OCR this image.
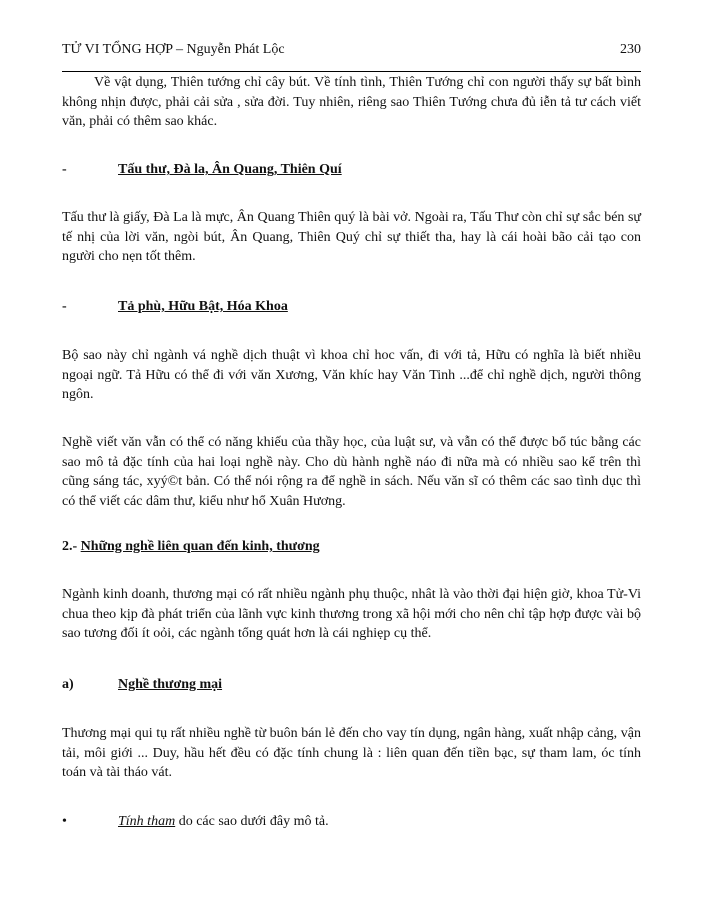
TỬ VI TỔNG HỢP – Nguyễn Phát Lộc	230
Về vật dụng, Thiên tướng chỉ cây bút. Về tính tình, Thiên Tướng chỉ con người thấy sự bất bình không nhịn được, phải cải sửa , sửa đời. Tuy nhiên, riêng sao Thiên Tướng chưa đủ iễn tả tư cách viết văn, phải có thêm sao khác.
-	Tấu thư, Đà la, Ân Quang, Thiên Quí
Tấu thư là giấy, Đà La là mực, Ân Quang Thiên quý là bài vở. Ngoài ra, Tấu Thư còn chỉ sự sắc bén sự tế nhị của lời văn, ngòi bút, Ân Quang, Thiên Quý chỉ sự thiết tha, hay là cái hoài bão cải tạo con người cho nẹn tốt thêm.
-	Tả phù, Hữu Bật, Hóa Khoa
Bộ sao này chỉ ngành vá nghề dịch thuật vì khoa chỉ hoc vấn, đi với tả, Hữu có nghĩa là biết nhiều ngoại ngữ. Tả Hữu có thể đi với văn Xương, Văn khíc hay Văn Tinh ...để chỉ nghề dịch, người thông ngôn.
Nghề viết văn vẫn có thể có năng khiếu của thầy học, của luật sư, và vẫn có thể được bổ túc bằng các sao mô tả đặc tính của hai loại nghề này. Cho dù hành nghề náo đi nữa mà có nhiều sao kể trên thì cũng sáng tác, xyý©t bản. Có thể nói rộng ra để nghề in sách. Nếu văn sĩ có thêm các sao tình dục thì có thể viết các dâm thư, kiểu như hổ Xuân Hương.
2.- Những nghề liên quan đến kinh, thương
Ngành kinh doanh, thương mại có rất nhiều ngành phụ thuộc, nhât là vào thời đại hiện giờ, khoa Tử-Vi chua theo kịp đà phát triển của lãnh vực kinh thương trong xã hội mới cho nên chỉ tập hợp được vài bộ sao tương đối ít oỏi, các ngành tổng quát hơn là cái nghiẹp cụ thể.
a)	Nghề thương mại
Thương mại qui tụ rất nhiều nghề từ buôn bán lẻ đến cho vay tín dụng, ngân hàng, xuất nhập cảng, vận tải, môi giới ... Duy, hầu hết đều có đặc tính chung là : liên quan đến tiền bạc, sự tham lam, óc tính toán và tài tháo vát.
•	Tính tham do các sao dưới đây mô tả.
